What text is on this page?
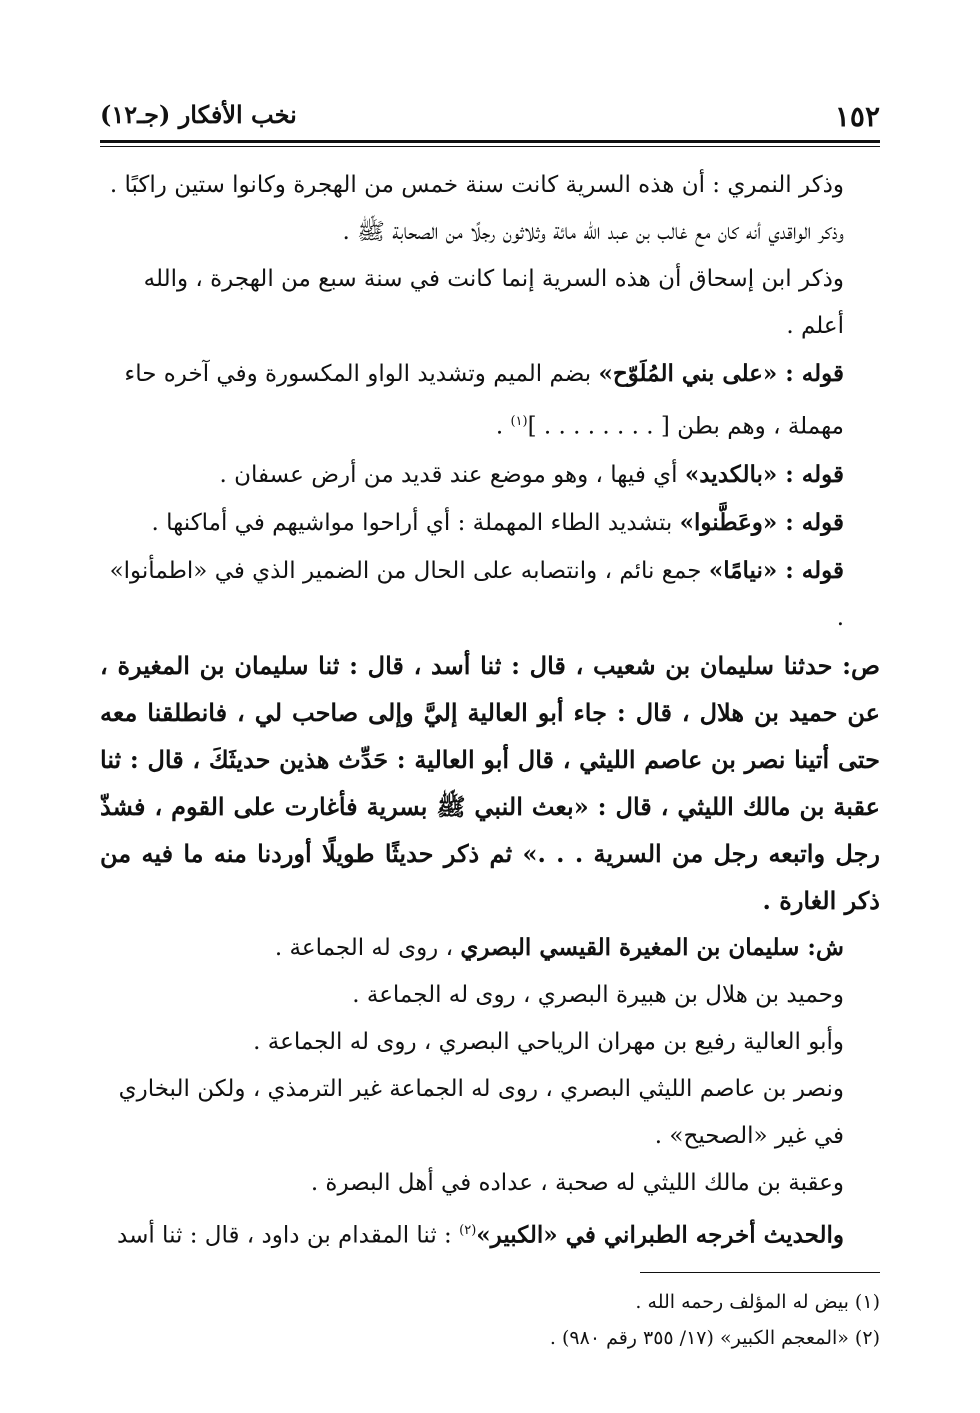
١٥٢
نخب الأفكار (جـ١٢)

وذكر النمري : أن هذه السرية كانت سنة خمس من الهجرة وكانوا ستين راكبًا .

وذكر الواقدي أنه كان مع غالب بن عبد الله مائة وثلاثون رجلًا من الصحابة ﷺ .

وذكر ابن إسحاق أن هذه السرية إنما كانت في سنة سبع من الهجرة ، والله أعلم .

قوله : «على بني المُلَوّح» بضم الميم وتشديد الواو المكسورة وفي آخره حاء مهملة ، وهم بطن [ . . . . . . . . ]$^{(١)}$ .

قوله : «بالكديد» أي فيها ، وهو موضع عند قديد من أرض عسفان .

قوله : «وعَطَّنوا» بتشديد الطاء المهملة : أي أراحوا مواشيهم في أماكنها .

قوله : «نيامًا» جمع نائم ، وانتصابه على الحال من الضمير الذي في «اطمأنوا» .

ص: حدثنا سليمان بن شعيب ، قال : ثنا أسد ، قال : ثنا سليمان بن المغيرة ، عن حميد بن هلال ، قال : جاء أبو العالية إليَّ وإلى صاحب لي ، فانطلقنا معه حتى أتينا نصر بن عاصم الليثي ، قال أبو العالية : حَدِّث هذين حديثَكَ ، قال : ثنا عقبة بن مالك الليثي ، قال : «بعث النبي ﷺ بسرية فأغارت على القوم ، فشذّ رجل واتبعه رجل من السرية . . .» ثم ذكر حديثًا طويلًا أوردنا منه ما فيه من ذكر الغارة .

ش: سليمان بن المغيرة القيسي البصري ، روى له الجماعة .

وحميد بن هلال بن هبيرة البصري ، روى له الجماعة .

وأبو العالية رفيع بن مهران الرياحي البصري ، روى له الجماعة .

ونصر بن عاصم الليثي البصري ، روى له الجماعة غير الترمذي ، ولكن البخاري في غير «الصحيح» .

وعقبة بن مالك الليثي له صحبة ، عداده في أهل البصرة .

والحديث أخرجه الطبراني في «الكبير»$^{(٢)}$ : ثنا المقدام بن داود ، قال : ثنا أسد

(١) بيض له المؤلف رحمه الله .
(٢) «المعجم الكبير» (١٧/ ٣٥٥ رقم ٩٨٠) .
